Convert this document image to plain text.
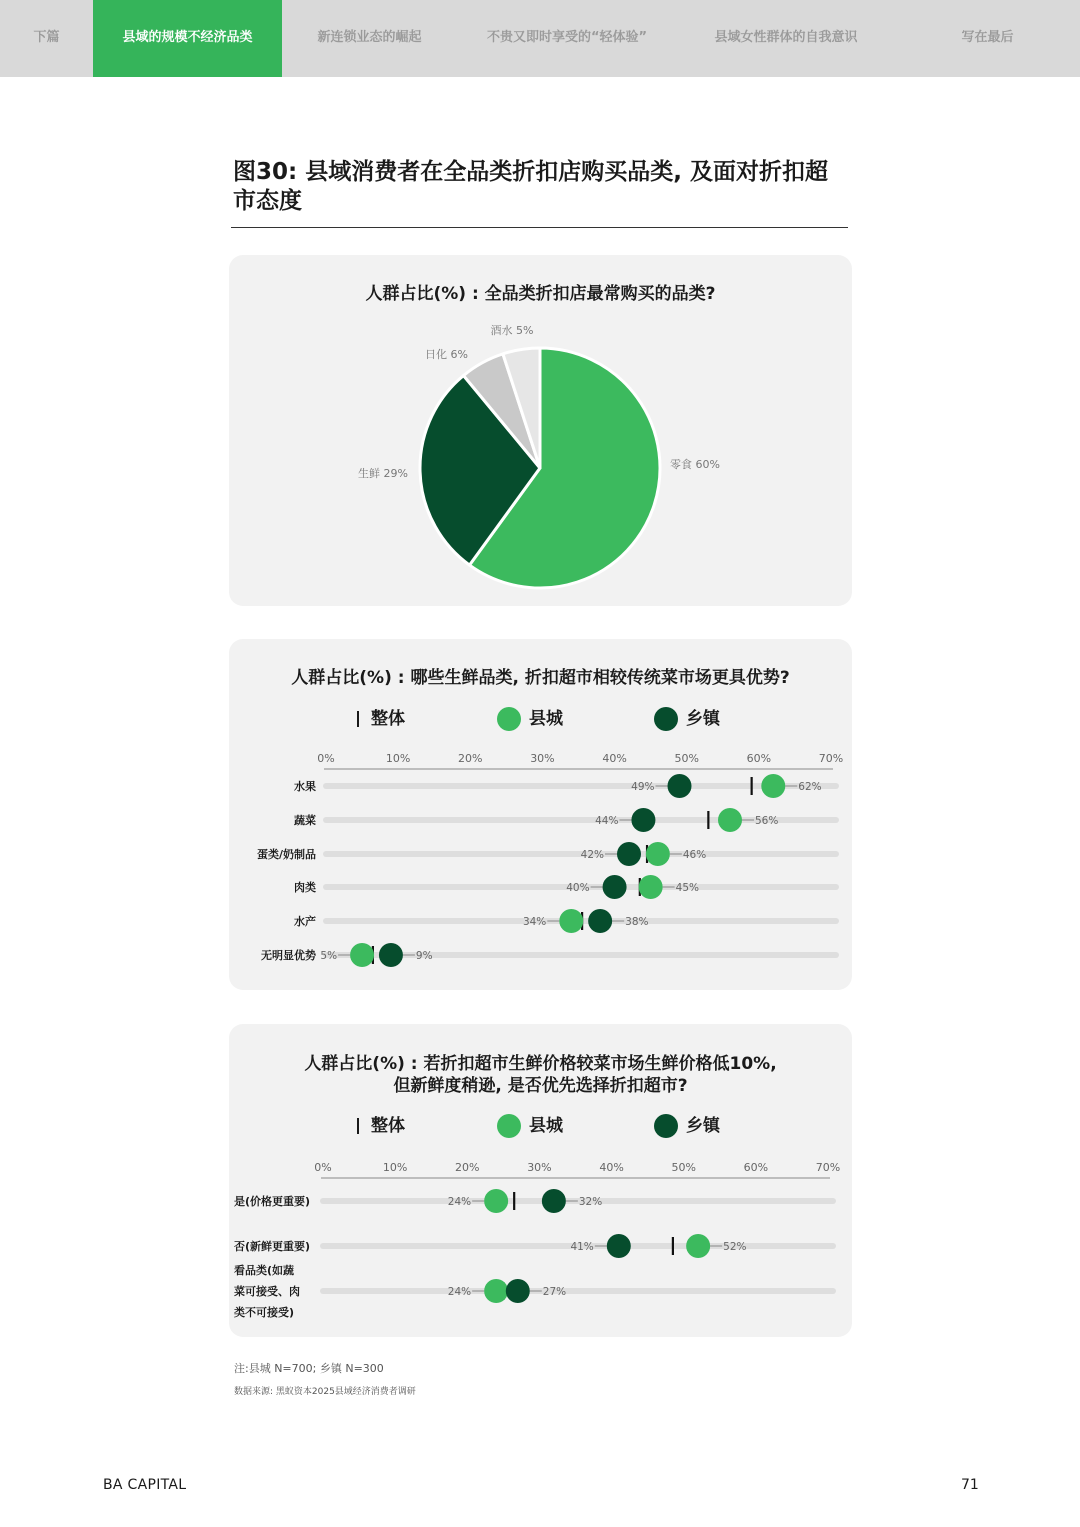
下篇	县域的规模不经济品类	新连锁业态的崛起	不贵又即时享受的“轻体验”	县域女性群体的自我意识	写在最后
图30: 县域消费者在全品类折扣店购买品类, 及面对折扣超市态度
人群占比(%) : 全品类折扣店最常购买的品类?
零食 60%
生鲜 29%
日化 6%
酒水 5%
人群占比(%) : 哪些生鲜品类, 折扣超市相较传统菜市场更具优势?
整体	县城	乡镇
0%	10%	20%	30%	40%	50%	60%	70%
水果	49%	62%
蔬菜	44%	56%
蛋类/奶制品	42%	46%
肉类	40%	45%
水产	34%	38%
无明显优势 5%	9%
人群占比(%) : 若折扣超市生鲜价格较菜市场生鲜价格低10%,
但新鲜度稍逊, 是否优先选择折扣超市?
整体	县城	乡镇
0%	10%	20%	30%	40%	50%	60%	70%
是(价格更重要)	24%	32%
否(新鲜更重要)	41%	52%
看品类(如蔬
菜可接受、肉
类不可接受)
24%	27%
注:县城 N=700; 乡镇 N=300
数据来源: 黑蚁资本2025县域经济消费者调研
BA CAPITAL	71
